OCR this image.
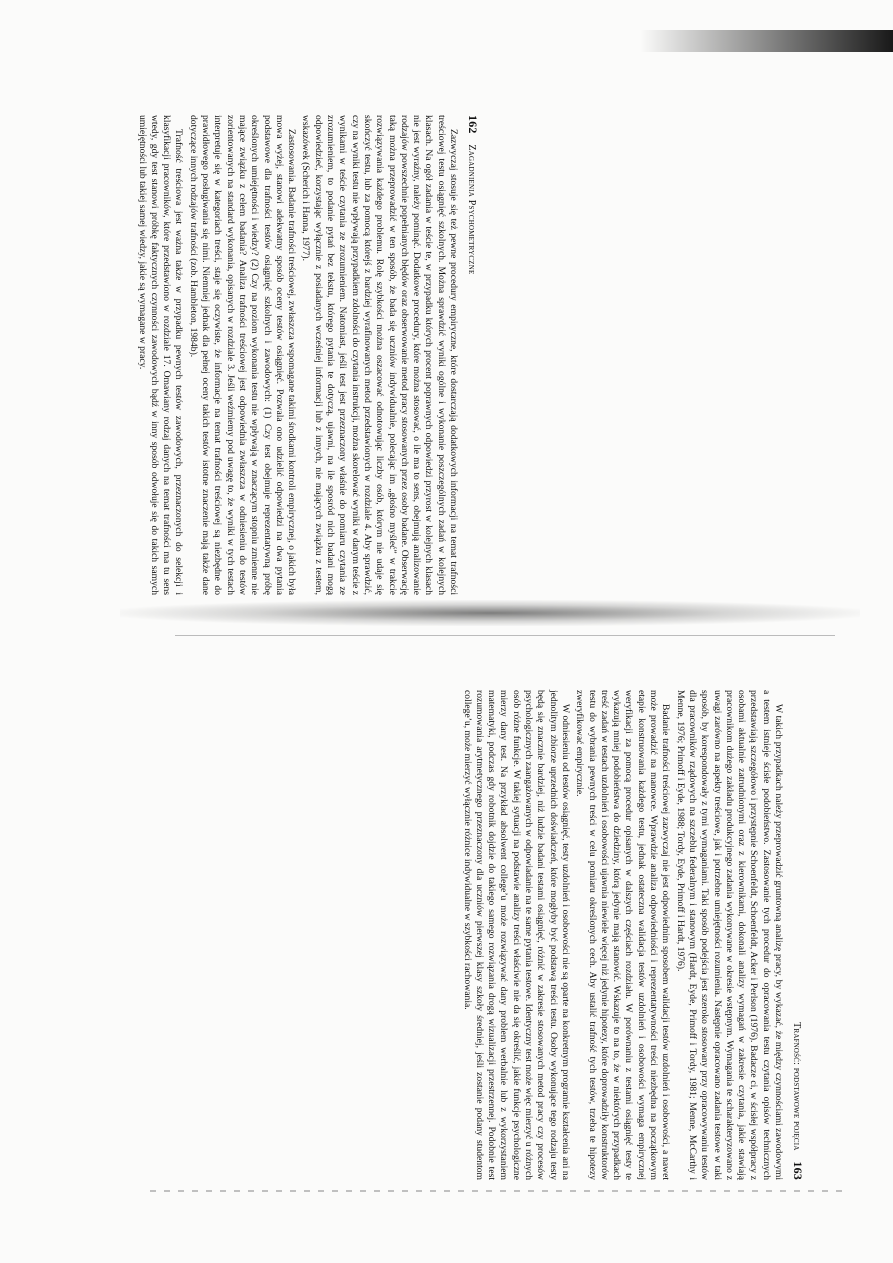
162    Zagadnienia Psychometryczne

Zazwyczaj stosuje się też pewne procedury empiryczne, które dostarczają dodatkowych informacji na temat trafności treściowej testu osiągnięć szkolnych. Można sprawdzić wyniki ogólne i wykonanie poszczególnych zadań w kolejnych klasach. Na ogół zadania w teście te, w przypadku których procent poprawnych odpowiedzi przyrost w kolejnych klasach nie jest wyraźny, należy pominąć. Dodatkowe procedury, które można stosować, o ile ma to sens, obejmują analizowanie rodzajów powszechnie popełnianych błędów oraz obserwowanie metod pracy stosowanych przez osoby badane. Obserwację taką można przeprowadzić w ten sposób, że bada się uczniów indywidualnie, polecając im „głośno myśleć” w trakcie rozwiązywania każdego problemu. Rolę szybkości można oszacować odnotowując liczby osób, którym nie udaje się skończyć testu, lub za pomocą którejś z bardziej wyrafinowanych metod przedstawionych w rozdziale 4. Aby sprawdzić, czy na wyniki testu nie wpływają przypadkiem zdolności do czytania instrukcji, można skorelować wyniki w danym teście z wynikami w teście czytania ze zrozumieniem. Natomiast, jeśli test jest przeznaczony właśnie do pomiaru czytania ze zrozumieniem, to podanie pytań bez tekstu, którego pytania te dotyczą, ujawni, na ile sposród nich badani mogą odpowiedzieć, korzystając wyłącznie z posiadanych wcześniej informacji lub z innych, nie mających związku z testem, wskazówek (Scherich i Hanna, 1977).

Zastosowania. Badanie trafności treściowej, zwłaszcza wspomagane takimi środkami kontroli empirycznej, o jakich była mowa wyżej, stanowi adekwatny sposób oceny testów osiągnięć. Pozwala ono udzielić odpowiedzi na dwa pytania podstawowe dla trafności testów osiągnięć szkolnych i zawodowych: (1) Czy test obejmuje reprezentatywną próbę określonych umiejętności i wiedzy? (2) Czy na poziom wykonania testu nie wpływają w znaczącym stopniu zmienne nie mające związku z celem badania? Analiza trafności treściowej jest odpowiednia zwłaszcza w odniesieniu do testów zorientowanych na standard wykonania, opisanych w rozdziale 3. Jeśli weźmiemy pod uwagę to, że wyniki w tych testach interpretuje się w kategoriach treści, staje się oczywiste, że informacje na temat trafności treściowej są niezbędne do prawidłowego posługiwania się nimi. Niemniej jednak dla pełnej oceny takich testów istotne znaczenie mają także dane dotyczące innych rodzajów trafności (zob. Hambleton, 1984b).

Trafność treściowa jest ważna także w przypadku pewnych testów zawodowych, przeznaczonych do selekcji i klasyfikacji pracowników, które przedstawiono w rozdziale 17. Omawiany rodzaj danych na temat trafności ma tu sens wtedy, gdy test stanowi próbkę faktycznych czynności zawodowych bądź w inny sposób odwołuje się do takich samych umiejętności lub takiej samej wiedzy, jakie są wymagane w pracy.

Trafność: podstawowe pojęcia    163

W takich przypadkach należy przeprowadzić gruntowną analizę pracy, by wykazać, że między czynnościami zawodowymi a testem istnieje ścisłe podobieństwo. Zastosowanie tych procedur do opracowania testu czytania opisów technicznych przedstawiają szczegółowo i przystępnie Schoenfeldt, Schoenfeldt, Acker i Perlson (1976). Badacze ci, w ścisłej współpracy z osobami aktualnie zatrudnionymi oraz z kierownikami, dokonali analizy wymagań w zakresie czytania, jakie stawiają pracownikom dużego zakładu produkcyjnego zadania wykonywane w okresie wstępnym. Wymagania te scharakteryzowano z uwagi zarówno na aspekty treściowe, jak i potrzebne umiejętności rozumienia. Następnie opracowano zadania testowe w taki sposób, by korespondowały z tymi wymaganiami. Taki sposób podejścia jest szeroko stosowany przy opracowywaniu testów dla pracowników rządowych na szczeblu federalnym i stanowym (Hardt, Eyde, Primoff i Tordy, 1981; Menne, McCarthy i Menne, 1976; Primoff i Eyde, 1988; Tordy, Eyde, Primoff i Hardt, 1976).

Badanie trafności treściowej zazwyczaj nie jest odpowiednim sposobem walidacji testów uzdolnień i osobowości, a nawet może prowadzić na manowce. Wprawdzie analiza odpowiedniości i reprezentatywności treści niezbędna na początkowym etapie konstruowania każdego testu, jednak ostateczna walidacja testów uzdolnień i osobowości wymaga empirycznej weryfikacji za pomocą procedur opisanych w dalszych częściach rozdziału. W porównaniu z testami osiągnięć testy te wykazują mniej podobieństwa do dziedziny, którą jedynie mają stanowić. Wskazuje to na to, że w niektórych przypadkach treść zadań w testach uzdolnień i osobowości ujawnia niewiele więcej niż jedynie hipotezy, które doprowadziły konstruktorów testu do wybrania pewnych treści w celu pomiaru określonych cech. Aby ustalić trafność tych testów, trzeba te hipotezy zweryfikować empirycznie.

W odniesieniu od testów osiągnięć, testy uzdolnień i osobowości nie są oparte na konkretnym programie kształcenia ani na jednolitym zbiorze uprzednich doświadczeń, które mogłyby być podstawą treści testu. Osoby wykonujące tego rodzaju testy będą się znacznie bardziej, niż ludzie badani testami osiągnięć, różnić w zakresie stosowanych metod pracy czy procesów psychologicznych zaangażowanych w odpowiadanie na te same pytania testowe. Identyczny test może więc mierzyć u różnych osób różne funkcje. W takiej sytuacji na podstawie analizy treści właściwie nie da się określić, jakie funkcje psychologiczne mierzy dany test. Na przykład absolwent college’u może rozwiązywać dany problem werbalnie lub z wykorzystaniem matematyki, podczas gdy robotnik dojdzie do takiego samego rozwiązania drogą wizualizacji przestrzennej. Podobnie test rozumowania arytmetycznego przeznaczony dla uczniów pierwszej klasy szkoły średniej, jeśli zostanie podany studentom college’u, może mierzyć wyłącznie różnice indywidualne w szybkości rachowania.
